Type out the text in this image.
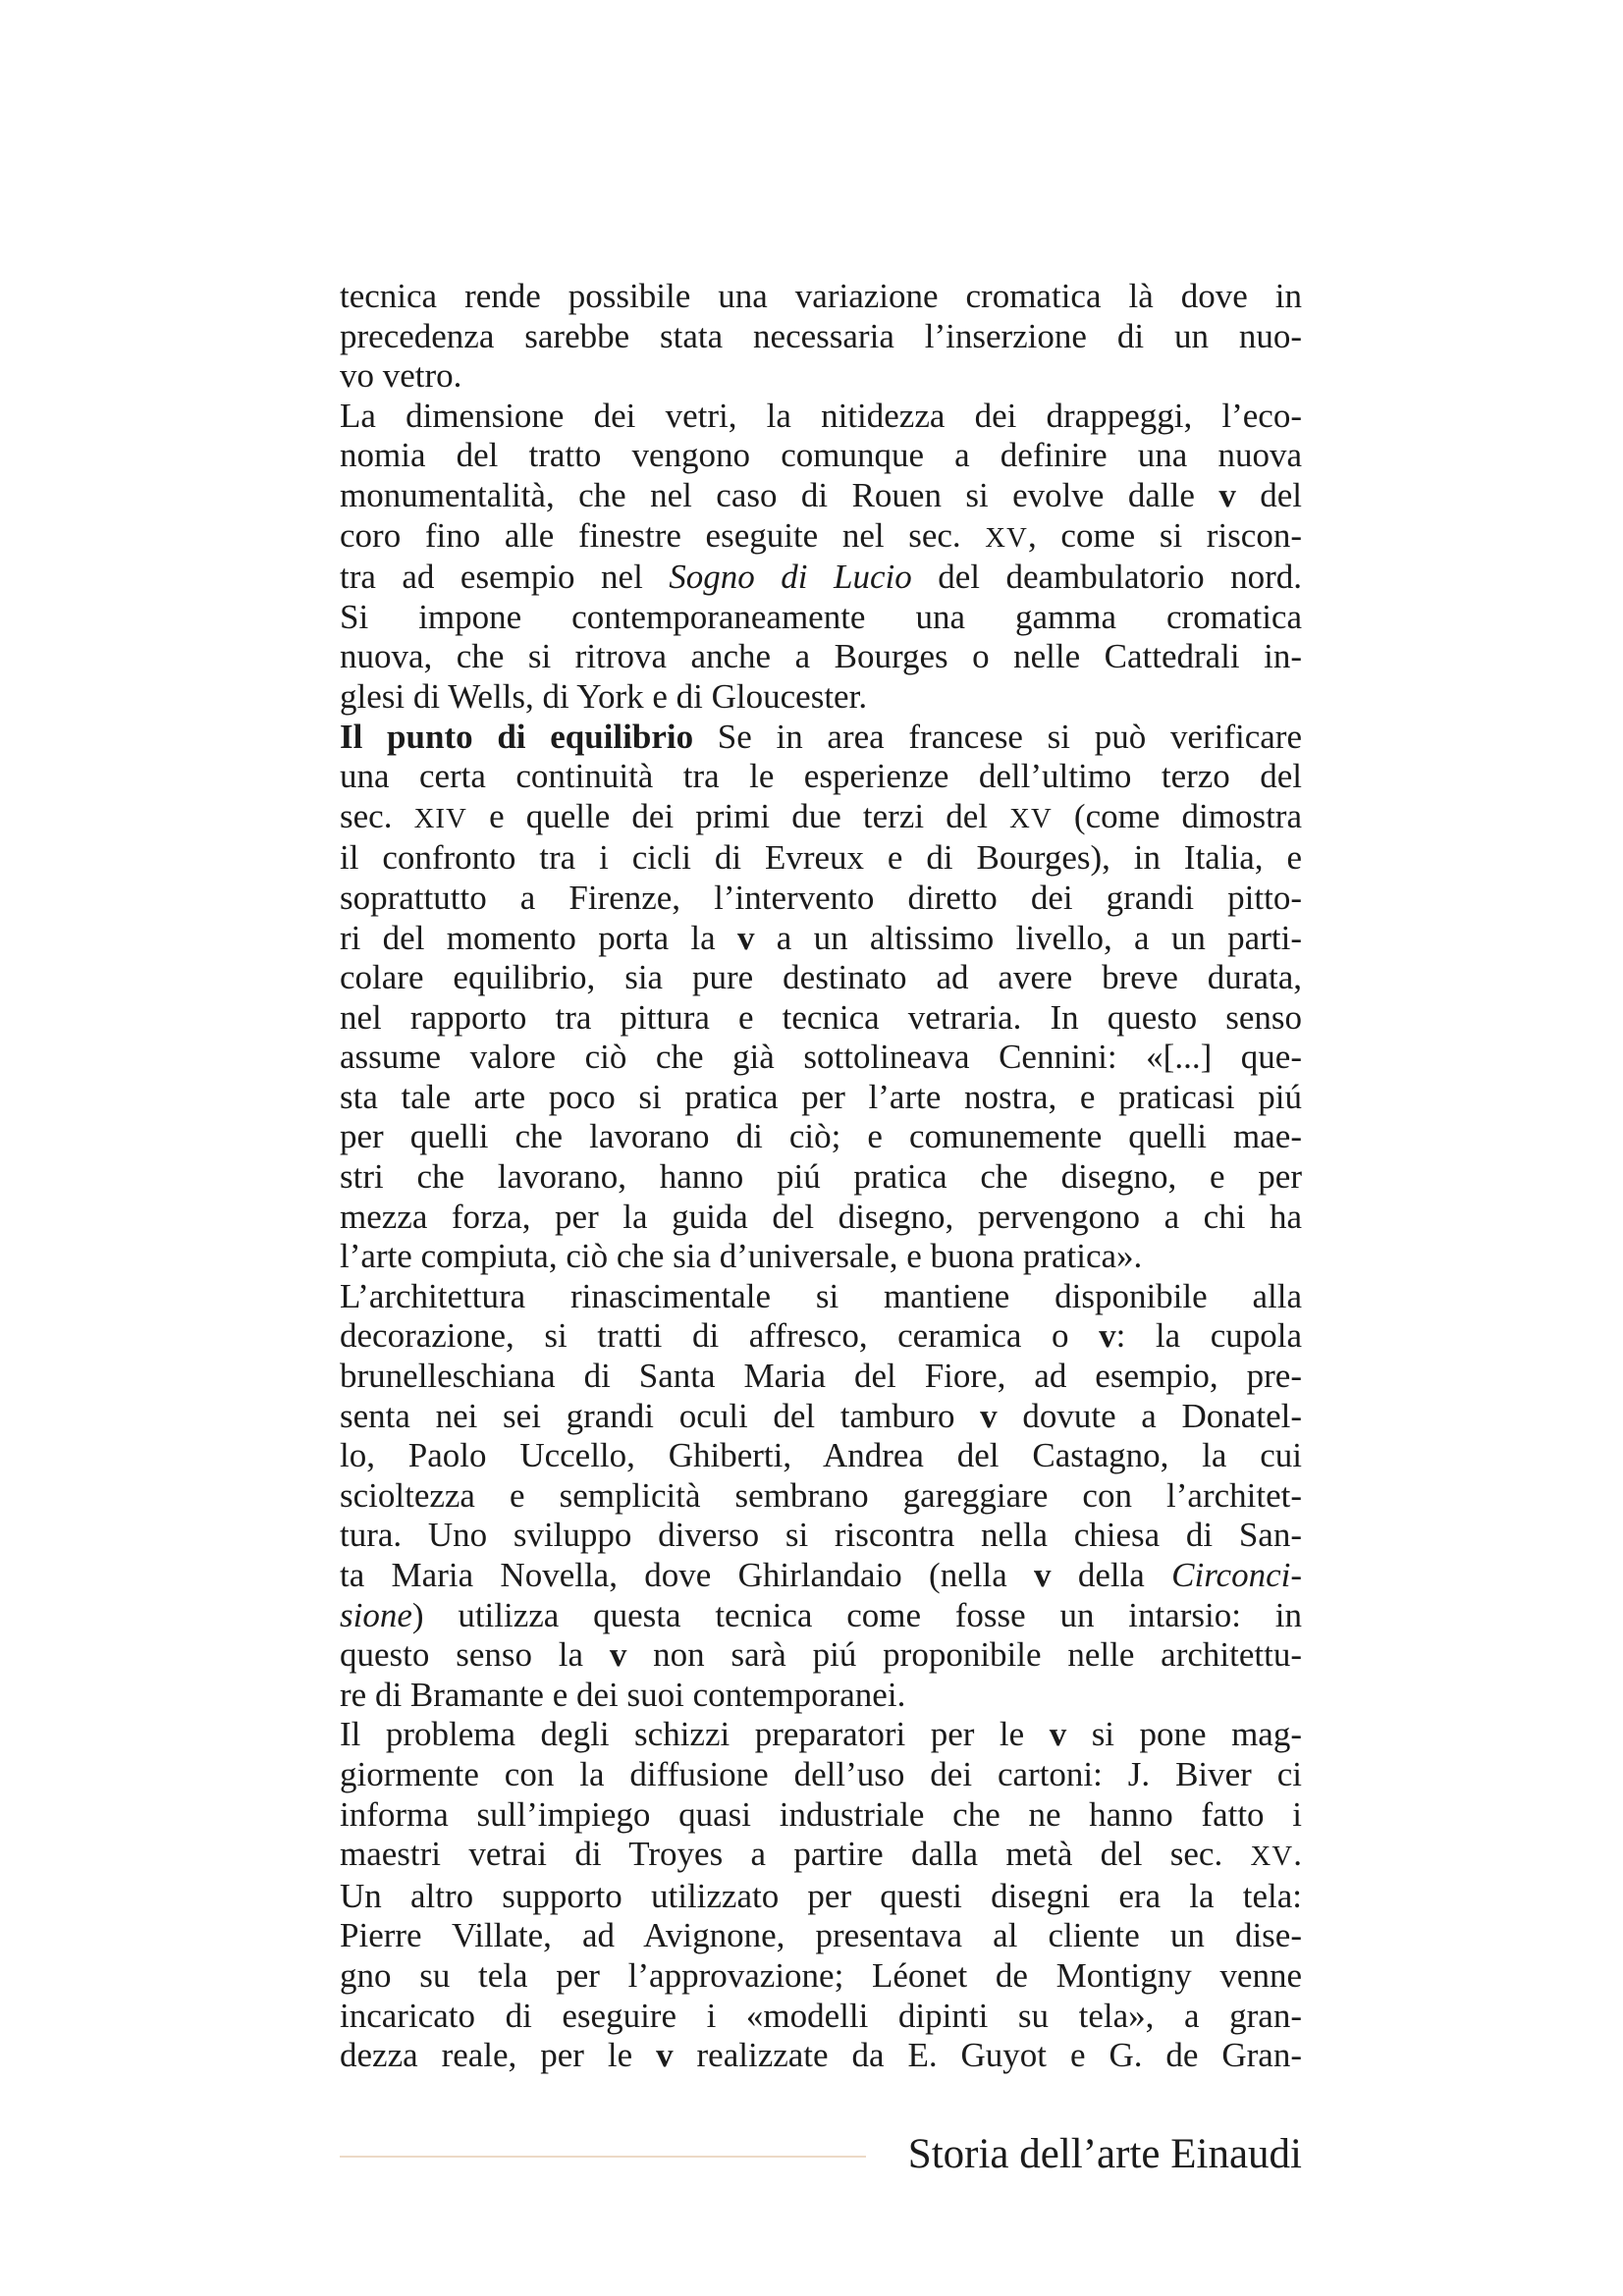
tecnica rende possibile una variazione cromatica là dove in
precedenza sarebbe stata necessaria l’inserzione di un nuo-
vo vetro.
La dimensione dei vetri, la nitidezza dei drappeggi, l’eco-
nomia del tratto vengono comunque a definire una nuova
monumentalità, che nel caso di Rouen si evolve dalle v del
coro fino alle finestre eseguite nel sec. XV, come si riscon-
tra ad esempio nel Sogno di Lucio del deambulatorio nord.
Si impone contemporaneamente una gamma cromatica
nuova, che si ritrova anche a Bourges o nelle Cattedrali in-
glesi di Wells, di York e di Gloucester.
Il punto di equilibrio Se in area francese si può verificare
una certa continuità tra le esperienze dell’ultimo terzo del
sec. XIV e quelle dei primi due terzi del XV (come dimostra
il confronto tra i cicli di Evreux e di Bourges), in Italia, e
soprattutto a Firenze, l’intervento diretto dei grandi pitto-
ri del momento porta la v a un altissimo livello, a un parti-
colare equilibrio, sia pure destinato ad avere breve durata,
nel rapporto tra pittura e tecnica vetraria. In questo senso
assume valore ciò che già sottolineava Cennini: «[...] que-
sta tale arte poco si pratica per l’arte nostra, e praticasi piú
per quelli che lavorano di ciò; e comunemente quelli mae-
stri che lavorano, hanno piú pratica che disegno, e per
mezza forza, per la guida del disegno, pervengono a chi ha
l’arte compiuta, ciò che sia d’universale, e buona pratica».
L’architettura rinascimentale si mantiene disponibile alla
decorazione, si tratti di affresco, ceramica o v: la cupola
brunelleschiana di Santa Maria del Fiore, ad esempio, pre-
senta nei sei grandi oculi del tamburo v dovute a Donatel-
lo, Paolo Uccello, Ghiberti, Andrea del Castagno, la cui
scioltezza e semplicità sembrano gareggiare con l’architet-
tura. Uno sviluppo diverso si riscontra nella chiesa di San-
ta Maria Novella, dove Ghirlandaio (nella v della Circonci-
sione) utilizza questa tecnica come fosse un intarsio: in
questo senso la v non sarà piú proponibile nelle architettu-
re di Bramante e dei suoi contemporanei.
Il problema degli schizzi preparatori per le v si pone mag-
giormente con la diffusione dell’uso dei cartoni: J. Biver ci
informa sull’impiego quasi industriale che ne hanno fatto i
maestri vetrai di Troyes a partire dalla metà del sec. XV.
Un altro supporto utilizzato per questi disegni era la tela:
Pierre Villate, ad Avignone, presentava al cliente un dise-
gno su tela per l’approvazione; Léonet de Montigny venne
incaricato di eseguire i «modelli dipinti su tela», a gran-
dezza reale, per le v realizzate da E. Guyot e G. de Gran-
Storia dell’arte Einaudi
